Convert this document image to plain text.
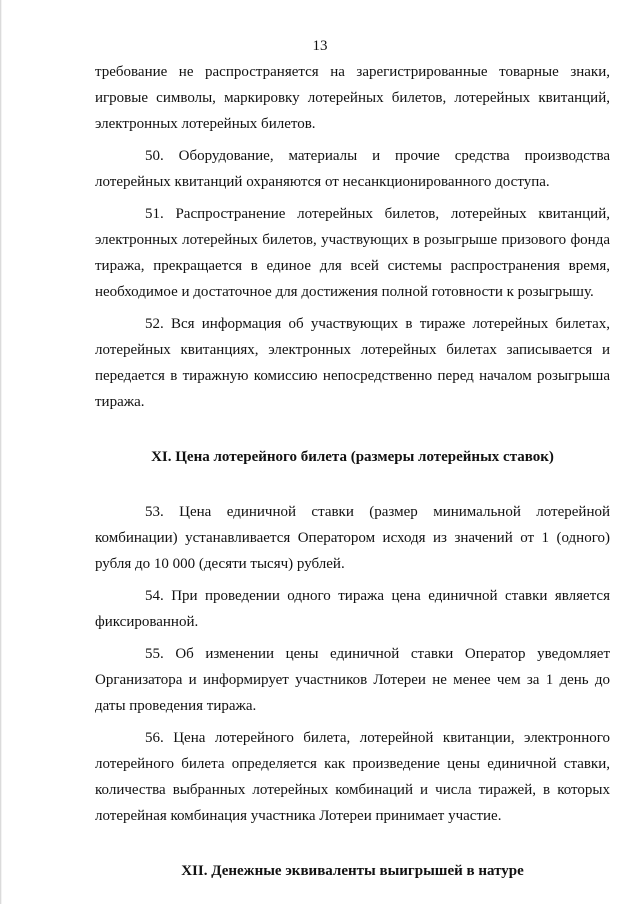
13

требование не распространяется на зарегистрированные товарные знаки, игровые символы, маркировку лотерейных билетов, лотерейных квитанций, электронных лотерейных билетов.

50. Оборудование, материалы и прочие средства производства лотерейных квитанций охраняются от несанкционированного доступа.

51. Распространение лотерейных билетов, лотерейных квитанций, электронных лотерейных билетов, участвующих в розыгрыше призового фонда тиража, прекращается в единое для всей системы распространения время, необходимое и достаточное для достижения полной готовности к розыгрышу.

52. Вся информация об участвующих в тираже лотерейных билетах, лотерейных квитанциях, электронных лотерейных билетах записывается и передается в тиражную комиссию непосредственно перед началом розыгрыша тиража.

XI. Цена лотерейного билета (размеры лотерейных ставок)

53. Цена единичной ставки (размер минимальной лотерейной комбинации) устанавливается Оператором исходя из значений от 1 (одного) рубля до 10 000 (десяти тысяч) рублей.

54. При проведении одного тиража цена единичной ставки является фиксированной.

55. Об изменении цены единичной ставки Оператор уведомляет Организатора и информирует участников Лотереи не менее чем за 1 день до даты проведения тиража.

56. Цена лотерейного билета, лотерейной квитанции, электронного лотерейного билета определяется как произведение цены единичной ставки, количества выбранных лотерейных комбинаций и числа тиражей, в которых лотерейная комбинация участника Лотереи принимает участие.

XII. Денежные эквиваленты выигрышей в натуре
